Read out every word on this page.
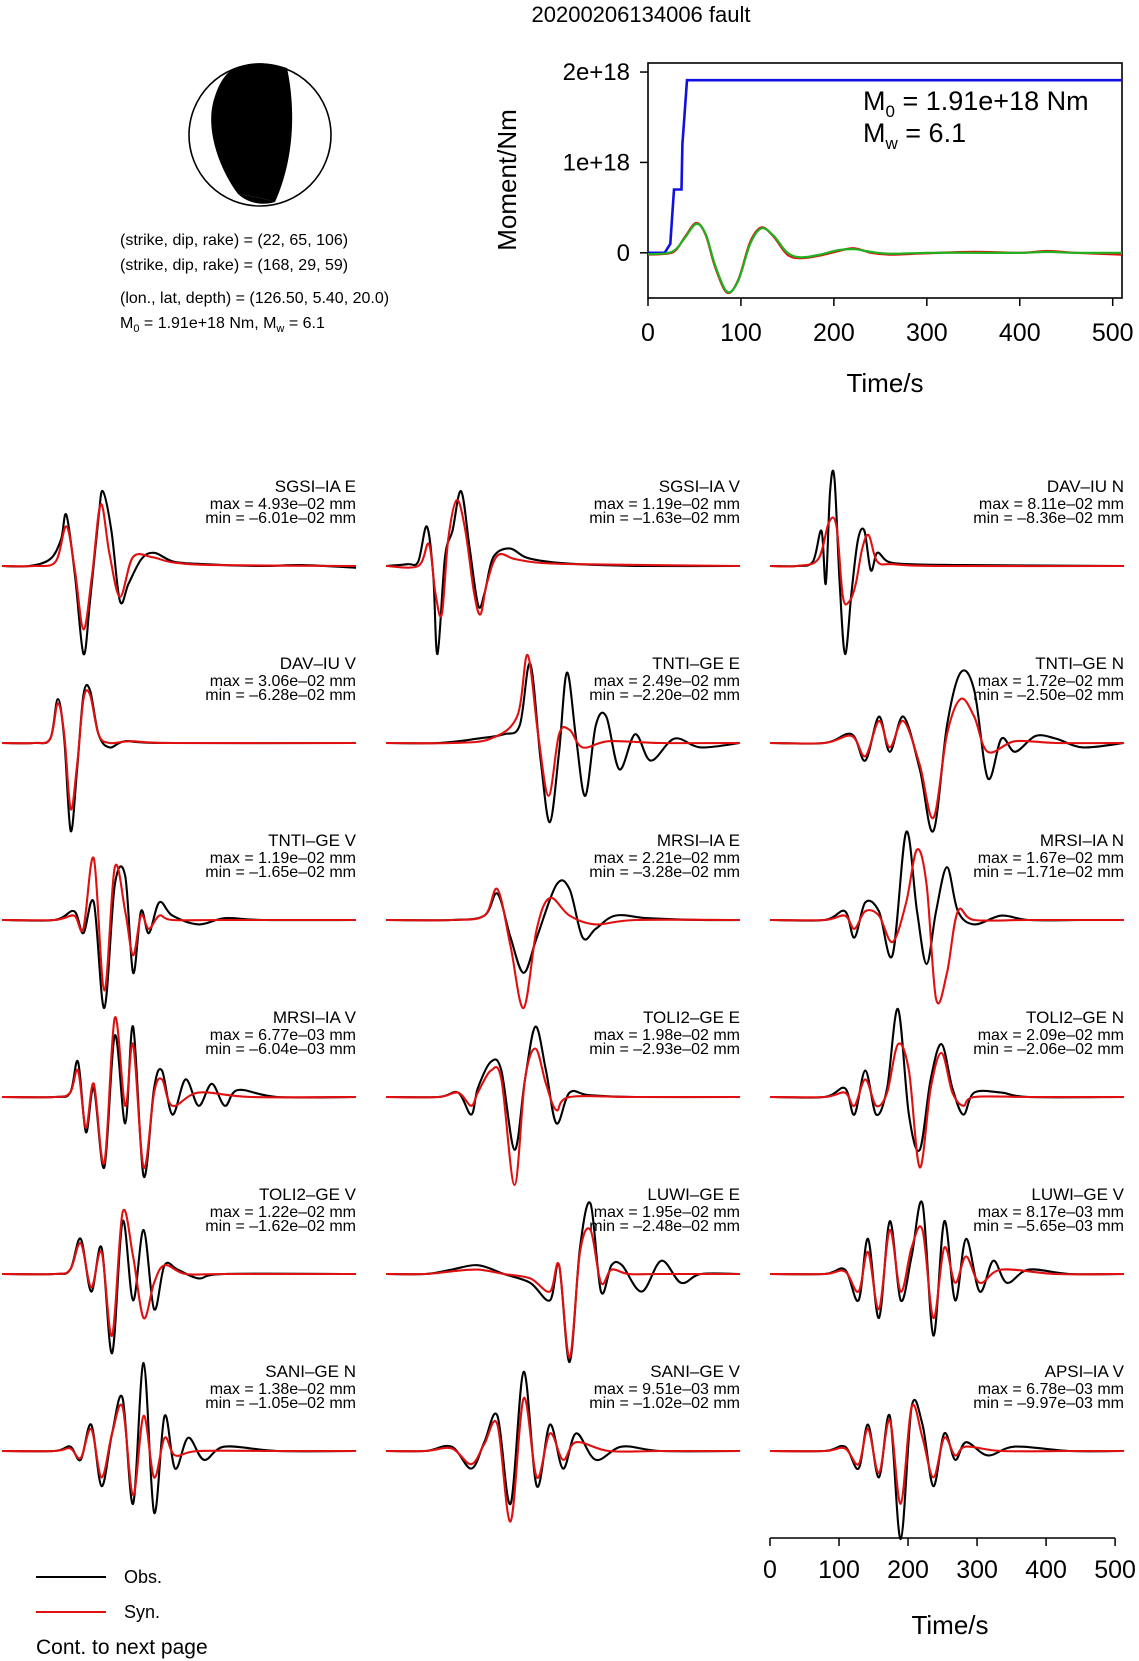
20200206134006 fault
(strike, dip, rake) = (22, 65, 106)
(strike, dip, rake) = (168, 29, 59)
(lon., lat, depth) = (126.50, 5.40, 20.0)
$M_0 = 1.91e+18$ Nm, $M_w = 6.1$
0
1e+18
2e+18
0	100 200 300 400 500
Time/s
Moment/Nm
$M_0 = 1.91e+18$ Nm
$M_w = 6.1$
SGSI–IA E
max = 4.93e–02 mm
min = –6.01e–02 mm
SGSI–IA V
max = 1.19e–02 mm
min = –1.63e–02 mm
DAV–IU N
max = 8.11e–02 mm
min = –8.36e–02 mm
DAV–IU V
max = 3.06e–02 mm
min = –6.28e–02 mm
TNTI–GE E
max = 2.49e–02 mm
min = –2.20e–02 mm
TNTI–GE N
max = 1.72e–02 mm
min = –2.50e–02 mm
TNTI–GE V
max = 1.19e–02 mm
min = –1.65e–02 mm
MRSI–IA E
max = 2.21e–02 mm
min = –3.28e–02 mm
MRSI–IA N
max = 1.67e–02 mm
min = –1.71e–02 mm
MRSI–IA V
max = 6.77e–03 mm
min = –6.04e–03 mm
TOLI2–GE E
max = 1.98e–02 mm
min = –2.93e–02 mm
TOLI2–GE N
max = 2.09e–02 mm
min = –2.06e–02 mm
TOLI2–GE V
max = 1.22e–02 mm
min = –1.62e–02 mm
LUWI–GE E
max = 1.95e–02 mm
min = –2.48e–02 mm
LUWI–GE V
max = 8.17e–03 mm
min = –5.65e–03 mm
SANI–GE N
max = 1.38e–02 mm
min = –1.05e–02 mm
SANI–GE V
max = 9.51e–03 mm
min = –1.02e–02 mm
APSI–IA V
max = 6.78e–03 mm
min = –9.97e–03 mm
0 100 200 300 400 500
Time/s
Obs.
Syn.
Cont. to next page
